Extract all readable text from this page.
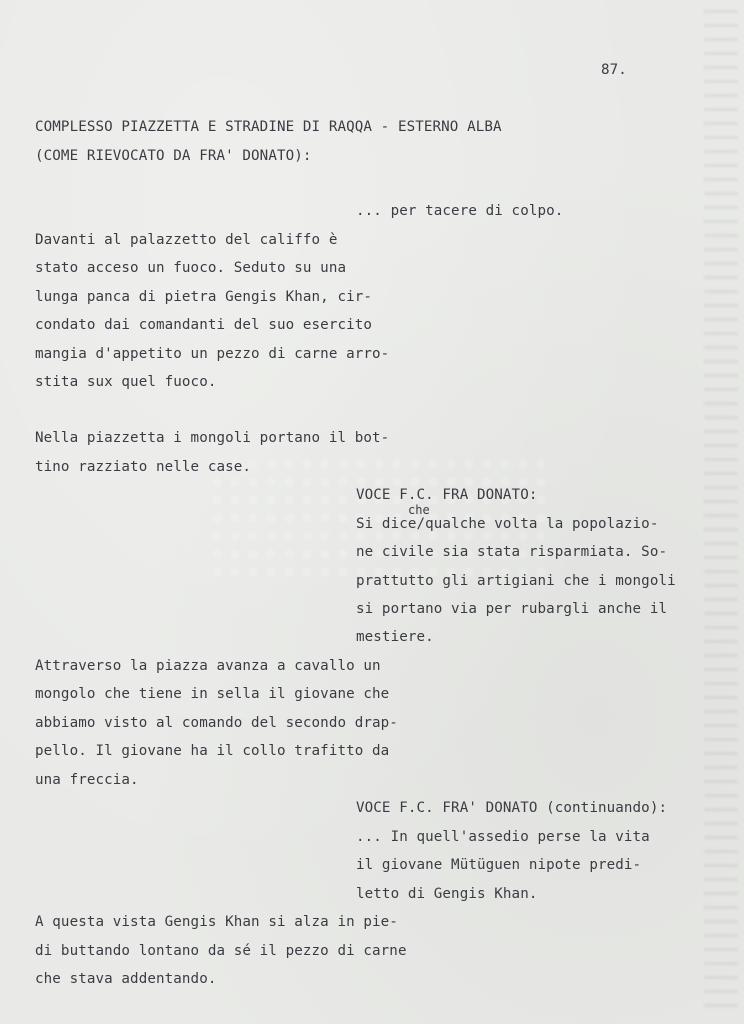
87.
COMPLESSO PIAZZETTA E STRADINE DI RAQQA - ESTERNO ALBA
(COME RIEVOCATO DA FRA' DONATO):
... per tacere di colpo.
Davanti al palazzetto del califfo è
stato acceso un fuoco. Seduto su una
lunga panca di pietra Gengis Khan, cir-
condato dai comandanti del suo esercito
mangia d'appetito un pezzo di carne arro-
stita sux quel fuoco.
Nella piazzetta i mongoli portano il bot-
tino razziato nelle case.
VOCE F.C. FRA DONATO:
che
Si dice/qualche volta la popolazio-
ne civile sia stata risparmiata. So-
prattutto gli artigiani che i mongoli
si portano via per rubargli anche il
mestiere.
Attraverso la piazza avanza a cavallo un
mongolo che tiene in sella il giovane che
abbiamo visto al comando del secondo drap-
pello. Il giovane ha il collo trafitto da
una freccia.
VOCE F.C. FRA' DONATO (continuando):
... In quell'assedio perse la vita
il giovane Mütüguen nipote predi-
letto di Gengis Khan.
A questa vista Gengis Khan si alza in pie-
di buttando lontano da sé il pezzo di carne
che stava addentando.
